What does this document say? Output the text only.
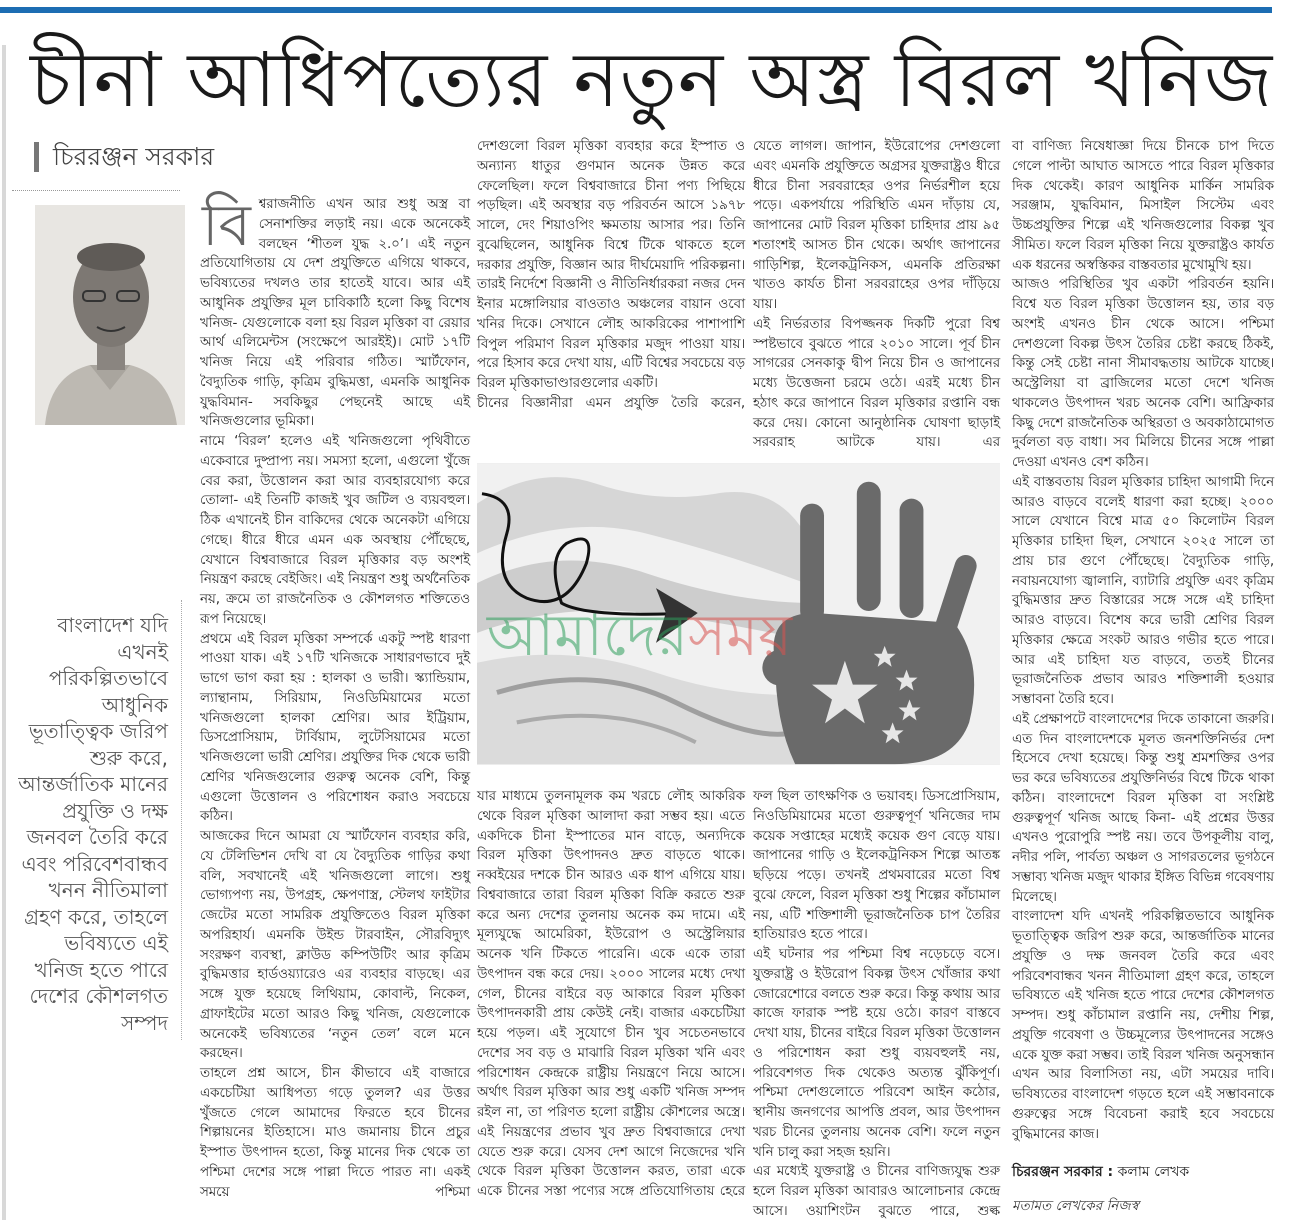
চীনা আধিপত্যের নতুন অস্ত্র বিরল খনিজ
চিররঞ্জন সরকার
বাংলাদেশ যদি এখনই পরিকল্পিতভাবে আধুনিক ভূতাত্ত্বিক জরিপ শুরু করে, আন্তর্জাতিক মানের প্রযুক্তি ও দক্ষ জনবল তৈরি করে এবং পরিবেশবান্ধব খনন নীতিমালা গ্রহণ করে, তাহলে ভবিষ্যতে এই খনিজ হতে পারে দেশের কৌশলগত সম্পদ

বিশ্বরাজনীতি এখন আর শুধু অস্ত্র বা সেনাশক্তির লড়াই নয়। একে অনেকেই বলছেন ‘শীতল যুদ্ধ ২.০’। এই নতুন প্রতিযোগিতায় যে দেশ প্রযুক্তিতে এগিয়ে থাকবে, ভবিষ্যতের দখলও তার হাতেই যাবে। আর এই আধুনিক প্রযুক্তির মূল চাবিকাঠি হলো কিছু বিশেষ খনিজ- যেগুলোকে বলা হয় বিরল মৃত্তিকা বা রেয়ার আর্থ এলিমেন্টস (সংক্ষেপে আরইই)। মোট ১৭টি খনিজ নিয়ে এই পরিবার গঠিত। স্মার্টফোন, বৈদ্যুতিক গাড়ি, কৃত্রিম বুদ্ধিমত্তা, এমনকি আধুনিক যুদ্ধবিমান- সবকিছুর পেছনেই আছে এই খনিজগুলোর ভূমিকা।

নামে ‘বিরল’ হলেও এই খনিজগুলো পৃথিবীতে একেবারে দুষ্প্রাপ্য নয়। সমস্যা হলো, এগুলো খুঁজে বের করা, উত্তোলন করা আর ব্যবহারযোগ্য করে তোলা- এই তিনটি কাজই খুব জটিল ও ব্যয়বহুল। ঠিক এখানেই চীন বাকিদের থেকে অনেকটা এগিয়ে গেছে। ধীরে ধীরে এমন এক অবস্থায় পৌঁছেছে, যেখানে বিশ্ববাজারে বিরল মৃত্তিকার বড় অংশই নিয়ন্ত্রণ করছে বেইজিং। এই নিয়ন্ত্রণ শুধু অর্থনৈতিক নয়, ক্রমে তা রাজনৈতিক ও কৌশলগত শক্তিতেও রূপ নিয়েছে।

প্রথমে এই বিরল মৃত্তিকা সম্পর্কে একটু স্পষ্ট ধারণা পাওয়া যাক। এই ১৭টি খনিজকে সাধারণভাবে দুই ভাগে ভাগ করা হয় : হালকা ও ভারী। স্ক্যান্ডিয়াম, ল্যান্থানাম, সিরিয়াম, নিওডিমিয়ামের মতো খনিজগুলো হালকা শ্রেণির। আর ইট্রিয়াম, ডিসপ্রোসিয়াম, টার্বিয়াম, লুটেসিয়ামের মতো খনিজগুলো ভারী শ্রেণির। প্রযুক্তির দিক থেকে ভারী শ্রেণির খনিজগুলোর গুরুত্ব অনেক বেশি, কিন্তু এগুলো উত্তোলন ও পরিশোধন করাও সবচেয়ে কঠিন।

আজকের দিনে আমরা যে স্মার্টফোন ব্যবহার করি, যে টেলিভিশন দেখি বা যে বৈদ্যুতিক গাড়ির কথা বলি, সবখানেই এই খনিজগুলো লাগে। শুধু ভোগ্যপণ্য নয়, উপগ্রহ, ক্ষেপণাস্ত্র, স্টেলথ ফাইটার জেটের মতো সামরিক প্রযুক্তিতেও বিরল মৃত্তিকা অপরিহার্য। এমনকি উইন্ড টারবাইন, সৌরবিদ্যুৎ সংরক্ষণ ব্যবস্থা, ক্লাউড কম্পিউটিং আর কৃত্রিম বুদ্ধিমত্তার হার্ডওয়্যারেও এর ব্যবহার বাড়ছে। এর সঙ্গে যুক্ত হয়েছে লিথিয়াম, কোবাল্ট, নিকেল, গ্রাফাইটের মতো আরও কিছু খনিজ, যেগুলোকে অনেকেই ভবিষ্যতের ‘নতুন তেল’ বলে মনে করছেন।

তাহলে প্রশ্ন আসে, চীন কীভাবে এই বাজারে একচেটিয়া আধিপত্য গড়ে তুলল? এর উত্তর খুঁজতে গেলে আমাদের ফিরতে হবে চীনের শিল্পায়নের ইতিহাসে। মাও জমানায় চীনে প্রচুর ইস্পাত উৎপাদন হতো, কিন্তু মানের দিক থেকে তা পশ্চিমা দেশের সঙ্গে পাল্লা দিতে পারত না। একই সময়ে পশ্চিমা

দেশগুলো বিরল মৃত্তিকা ব্যবহার করে ইস্পাত ও অন্যান্য ধাতুর গুণমান অনেক উন্নত করে ফেলেছিল। ফলে বিশ্ববাজারে চীনা পণ্য পিছিয়ে পড়ছিল। এই অবস্থার বড় পরিবর্তন আসে ১৯৭৮ সালে, দেং শিয়াওপিং ক্ষমতায় আসার পর। তিনি বুঝেছিলেন, আধুনিক বিশ্বে টিকে থাকতে হলে দরকার প্রযুক্তি, বিজ্ঞান আর দীর্ঘমেয়াদি পরিকল্পনা। তারই নির্দেশে বিজ্ঞানী ও নীতিনির্ধারকরা নজর দেন ইনার মঙ্গোলিয়ার বাওতাও অঞ্চলের বায়ান ওবো খনির দিকে। সেখানে লৌহ আকরিকের পাশাপাশি বিপুল পরিমাণ বিরল মৃত্তিকার মজুদ পাওয়া যায়। পরে হিসাব করে দেখা যায়, এটি বিশ্বের সবচেয়ে বড় বিরল মৃত্তিকাভাণ্ডারগুলোর একটি।

চীনের বিজ্ঞানীরা এমন প্রযুক্তি তৈরি করেন,

যেতে লাগল। জাপান, ইউরোপের দেশগুলো এবং এমনকি প্রযুক্তিতে অগ্রসর যুক্তরাষ্ট্রও ধীরে ধীরে চীনা সরবরাহের ওপর নির্ভরশীল হয়ে পড়ে। একপর্যায়ে পরিস্থিতি এমন দাঁড়ায় যে, জাপানের মোট বিরল মৃত্তিকা চাহিদার প্রায় ৯৫ শতাংশই আসত চীন থেকে। অর্থাৎ জাপানের গাড়িশিল্প, ইলেকট্রনিকস, এমনকি প্রতিরক্ষা খাতও কার্যত চীনা সরবরাহের ওপর দাঁড়িয়ে যায়।

এই নির্ভরতার বিপজ্জনক দিকটি পুরো বিশ্ব স্পষ্টভাবে বুঝতে পারে ২০১০ সালে। পূর্ব চীন সাগরের সেনকাকু দ্বীপ নিয়ে চীন ও জাপানের মধ্যে উত্তেজনা চরমে ওঠে। এরই মধ্যে চীন হঠাৎ করে জাপানে বিরল মৃত্তিকার রপ্তানি বন্ধ করে দেয়। কোনো আনুষ্ঠানিক ঘোষণা ছাড়াই সরবরাহ আটকে যায়। এর

আমাদেরসময়

যার মাধ্যমে তুলনামূলক কম খরচে লৌহ আকরিক থেকে বিরল মৃত্তিকা আলাদা করা সম্ভব হয়। এতে একদিকে চীনা ইস্পাতের মান বাড়ে, অন্যদিকে বিরল মৃত্তিকা উৎপাদনও দ্রুত বাড়তে থাকে। নব্বইয়ের দশকে চীন আরও এক ধাপ এগিয়ে যায়। বিশ্ববাজারে তারা বিরল মৃত্তিকা বিক্রি করতে শুরু করে অন্য দেশের তুলনায় অনেক কম দামে। এই মূল্যযুদ্ধে আমেরিকা, ইউরোপ ও অস্ট্রেলিয়ার অনেক খনি টিকতে পারেনি। একে একে তারা উৎপাদন বন্ধ করে দেয়। ২০০০ সালের মধ্যে দেখা গেল, চীনের বাইরে বড় আকারে বিরল মৃত্তিকা উৎপাদনকারী প্রায় কেউই নেই। বাজার একচেটিয়া হয়ে পড়ল। এই সুযোগে চীন খুব সচেতনভাবে দেশের সব বড় ও মাঝারি বিরল মৃত্তিকা খনি এবং পরিশোধন কেন্দ্রকে রাষ্ট্রীয় নিয়ন্ত্রণে নিয়ে আসে। অর্থাৎ বিরল মৃত্তিকা আর শুধু একটি খনিজ সম্পদ রইল না, তা পরিণত হলো রাষ্ট্রীয় কৌশলের অস্ত্রে। এই নিয়ন্ত্রণের প্রভাব খুব দ্রুত বিশ্ববাজারে দেখা যেতে শুরু করে। যেসব দেশ আগে নিজেদের খনি থেকে বিরল মৃত্তিকা উত্তোলন করত, তারা একে একে চীনের সস্তা পণ্যের সঙ্গে প্রতিযোগিতায় হেরে

ফল ছিল তাৎক্ষণিক ও ভয়াবহ। ডিসপ্রোসিয়াম, নিওডিমিয়ামের মতো গুরুত্বপূর্ণ খনিজের দাম কয়েক সপ্তাহের মধ্যেই কয়েক গুণ বেড়ে যায়। জাপানের গাড়ি ও ইলেকট্রনিকস শিল্পে আতঙ্ক ছড়িয়ে পড়ে। তখনই প্রথমবারের মতো বিশ্ব বুঝে ফেলে, বিরল মৃত্তিকা শুধু শিল্পের কাঁচামাল নয়, এটি শক্তিশালী ভূরাজনৈতিক চাপ তৈরির হাতিয়ারও হতে পারে।

এই ঘটনার পর পশ্চিমা বিশ্ব নড়েচড়ে বসে। যুক্তরাষ্ট্র ও ইউরোপ বিকল্প উৎস খোঁজার কথা জোরেশোরে বলতে শুরু করে। কিন্তু কথায় আর কাজে ফারাক স্পষ্ট হয়ে ওঠে। কারণ বাস্তবে দেখা যায়, চীনের বাইরে বিরল মৃত্তিকা উত্তোলন ও পরিশোধন করা শুধু ব্যয়বহুলই নয়, পরিবেশগত দিক থেকেও অত্যন্ত ঝুঁকিপূর্ণ। পশ্চিমা দেশগুলোতে পরিবেশ আইন কঠোর, স্থানীয় জনগণের আপত্তি প্রবল, আর উৎপাদন খরচ চীনের তুলনায় অনেক বেশি। ফলে নতুন খনি চালু করা সহজ হয়নি।

এর মধ্যেই যুক্তরাষ্ট্র ও চীনের বাণিজ্যযুদ্ধ শুরু হলে বিরল মৃত্তিকা আবারও আলোচনার কেন্দ্রে আসে। ওয়াশিংটন বুঝতে পারে, শুল্ক

বা বাণিজ্য নিষেধাজ্ঞা দিয়ে চীনকে চাপ দিতে গেলে পাল্টা আঘাত আসতে পারে বিরল মৃত্তিকার দিক থেকেই। কারণ আধুনিক মার্কিন সামরিক সরঞ্জাম, যুদ্ধবিমান, মিসাইল সিস্টেম এবং উচ্চপ্রযুক্তির শিল্পে এই খনিজগুলোর বিকল্প খুব সীমিত। ফলে বিরল মৃত্তিকা নিয়ে যুক্তরাষ্ট্রও কার্যত এক ধরনের অস্বস্তিকর বাস্তবতার মুখোমুখি হয়।

আজও পরিস্থিতির খুব একটা পরিবর্তন হয়নি। বিশ্বে যত বিরল মৃত্তিকা উত্তোলন হয়, তার বড় অংশই এখনও চীন থেকে আসে। পশ্চিমা দেশগুলো বিকল্প উৎস তৈরির চেষ্টা করছে ঠিকই, কিন্তু সেই চেষ্টা নানা সীমাবদ্ধতায় আটকে যাচ্ছে। অস্ট্রেলিয়া বা ব্রাজিলের মতো দেশে খনিজ থাকলেও উৎপাদন খরচ অনেক বেশি। আফ্রিকার কিছু দেশে রাজনৈতিক অস্থিরতা ও অবকাঠামোগত দুর্বলতা বড় বাধা। সব মিলিয়ে চীনের সঙ্গে পাল্লা দেওয়া এখনও বেশ কঠিন।

এই বাস্তবতায় বিরল মৃত্তিকার চাহিদা আগামী দিনে আরও বাড়বে বলেই ধারণা করা হচ্ছে। ২০০০ সালে যেখানে বিশ্বে মাত্র ৫০ কিলোটন বিরল মৃত্তিকার চাহিদা ছিল, সেখানে ২০২৫ সালে তা প্রায় চার গুণে পৌঁছেছে। বৈদ্যুতিক গাড়ি, নবায়নযোগ্য জ্বালানি, ব্যাটারি প্রযুক্তি এবং কৃত্রিম বুদ্ধিমত্তার দ্রুত বিস্তারের সঙ্গে সঙ্গে এই চাহিদা আরও বাড়বে। বিশেষ করে ভারী শ্রেণির বিরল মৃত্তিকার ক্ষেত্রে সংকট আরও গভীর হতে পারে। আর এই চাহিদা যত বাড়বে, ততই চীনের ভূরাজনৈতিক প্রভাব আরও শক্তিশালী হওয়ার সম্ভাবনা তৈরি হবে।

এই প্রেক্ষাপটে বাংলাদেশের দিকে তাকানো জরুরি। এত দিন বাংলাদেশকে মূলত জনশক্তিনির্ভর দেশ হিসেবে দেখা হয়েছে। কিন্তু শুধু শ্রমশক্তির ওপর ভর করে ভবিষ্যতের প্রযুক্তিনির্ভর বিশ্বে টিকে থাকা কঠিন। বাংলাদেশে বিরল মৃত্তিকা বা সংশ্লিষ্ট গুরুত্বপূর্ণ খনিজ আছে কিনা- এই প্রশ্নের উত্তর এখনও পুরোপুরি স্পষ্ট নয়। তবে উপকূলীয় বালু, নদীর পলি, পার্বত্য অঞ্চল ও সাগরতলের ভূগঠনে সম্ভাব্য খনিজ মজুদ থাকার ইঙ্গিত বিভিন্ন গবেষণায় মিলেছে।

বাংলাদেশ যদি এখনই পরিকল্পিতভাবে আধুনিক ভূতাত্ত্বিক জরিপ শুরু করে, আন্তর্জাতিক মানের প্রযুক্তি ও দক্ষ জনবল তৈরি করে এবং পরিবেশবান্ধব খনন নীতিমালা গ্রহণ করে, তাহলে ভবিষ্যতে এই খনিজ হতে পারে দেশের কৌশলগত সম্পদ। শুধু কাঁচামাল রপ্তানি নয়, দেশীয় শিল্প, প্রযুক্তি গবেষণা ও উচ্চমূল্যের উৎপাদনের সঙ্গেও একে যুক্ত করা সম্ভব। তাই বিরল খনিজ অনুসন্ধান এখন আর বিলাসিতা নয়, এটা সময়ের দাবি। ভবিষ্যতের বাংলাদেশ গড়তে হলে এই সম্ভাবনাকে গুরুত্বের সঙ্গে বিবেচনা করাই হবে সবচেয়ে বুদ্ধিমানের কাজ।

চিররঞ্জন সরকার : কলাম লেখক
মতামত লেখকের নিজস্ব
